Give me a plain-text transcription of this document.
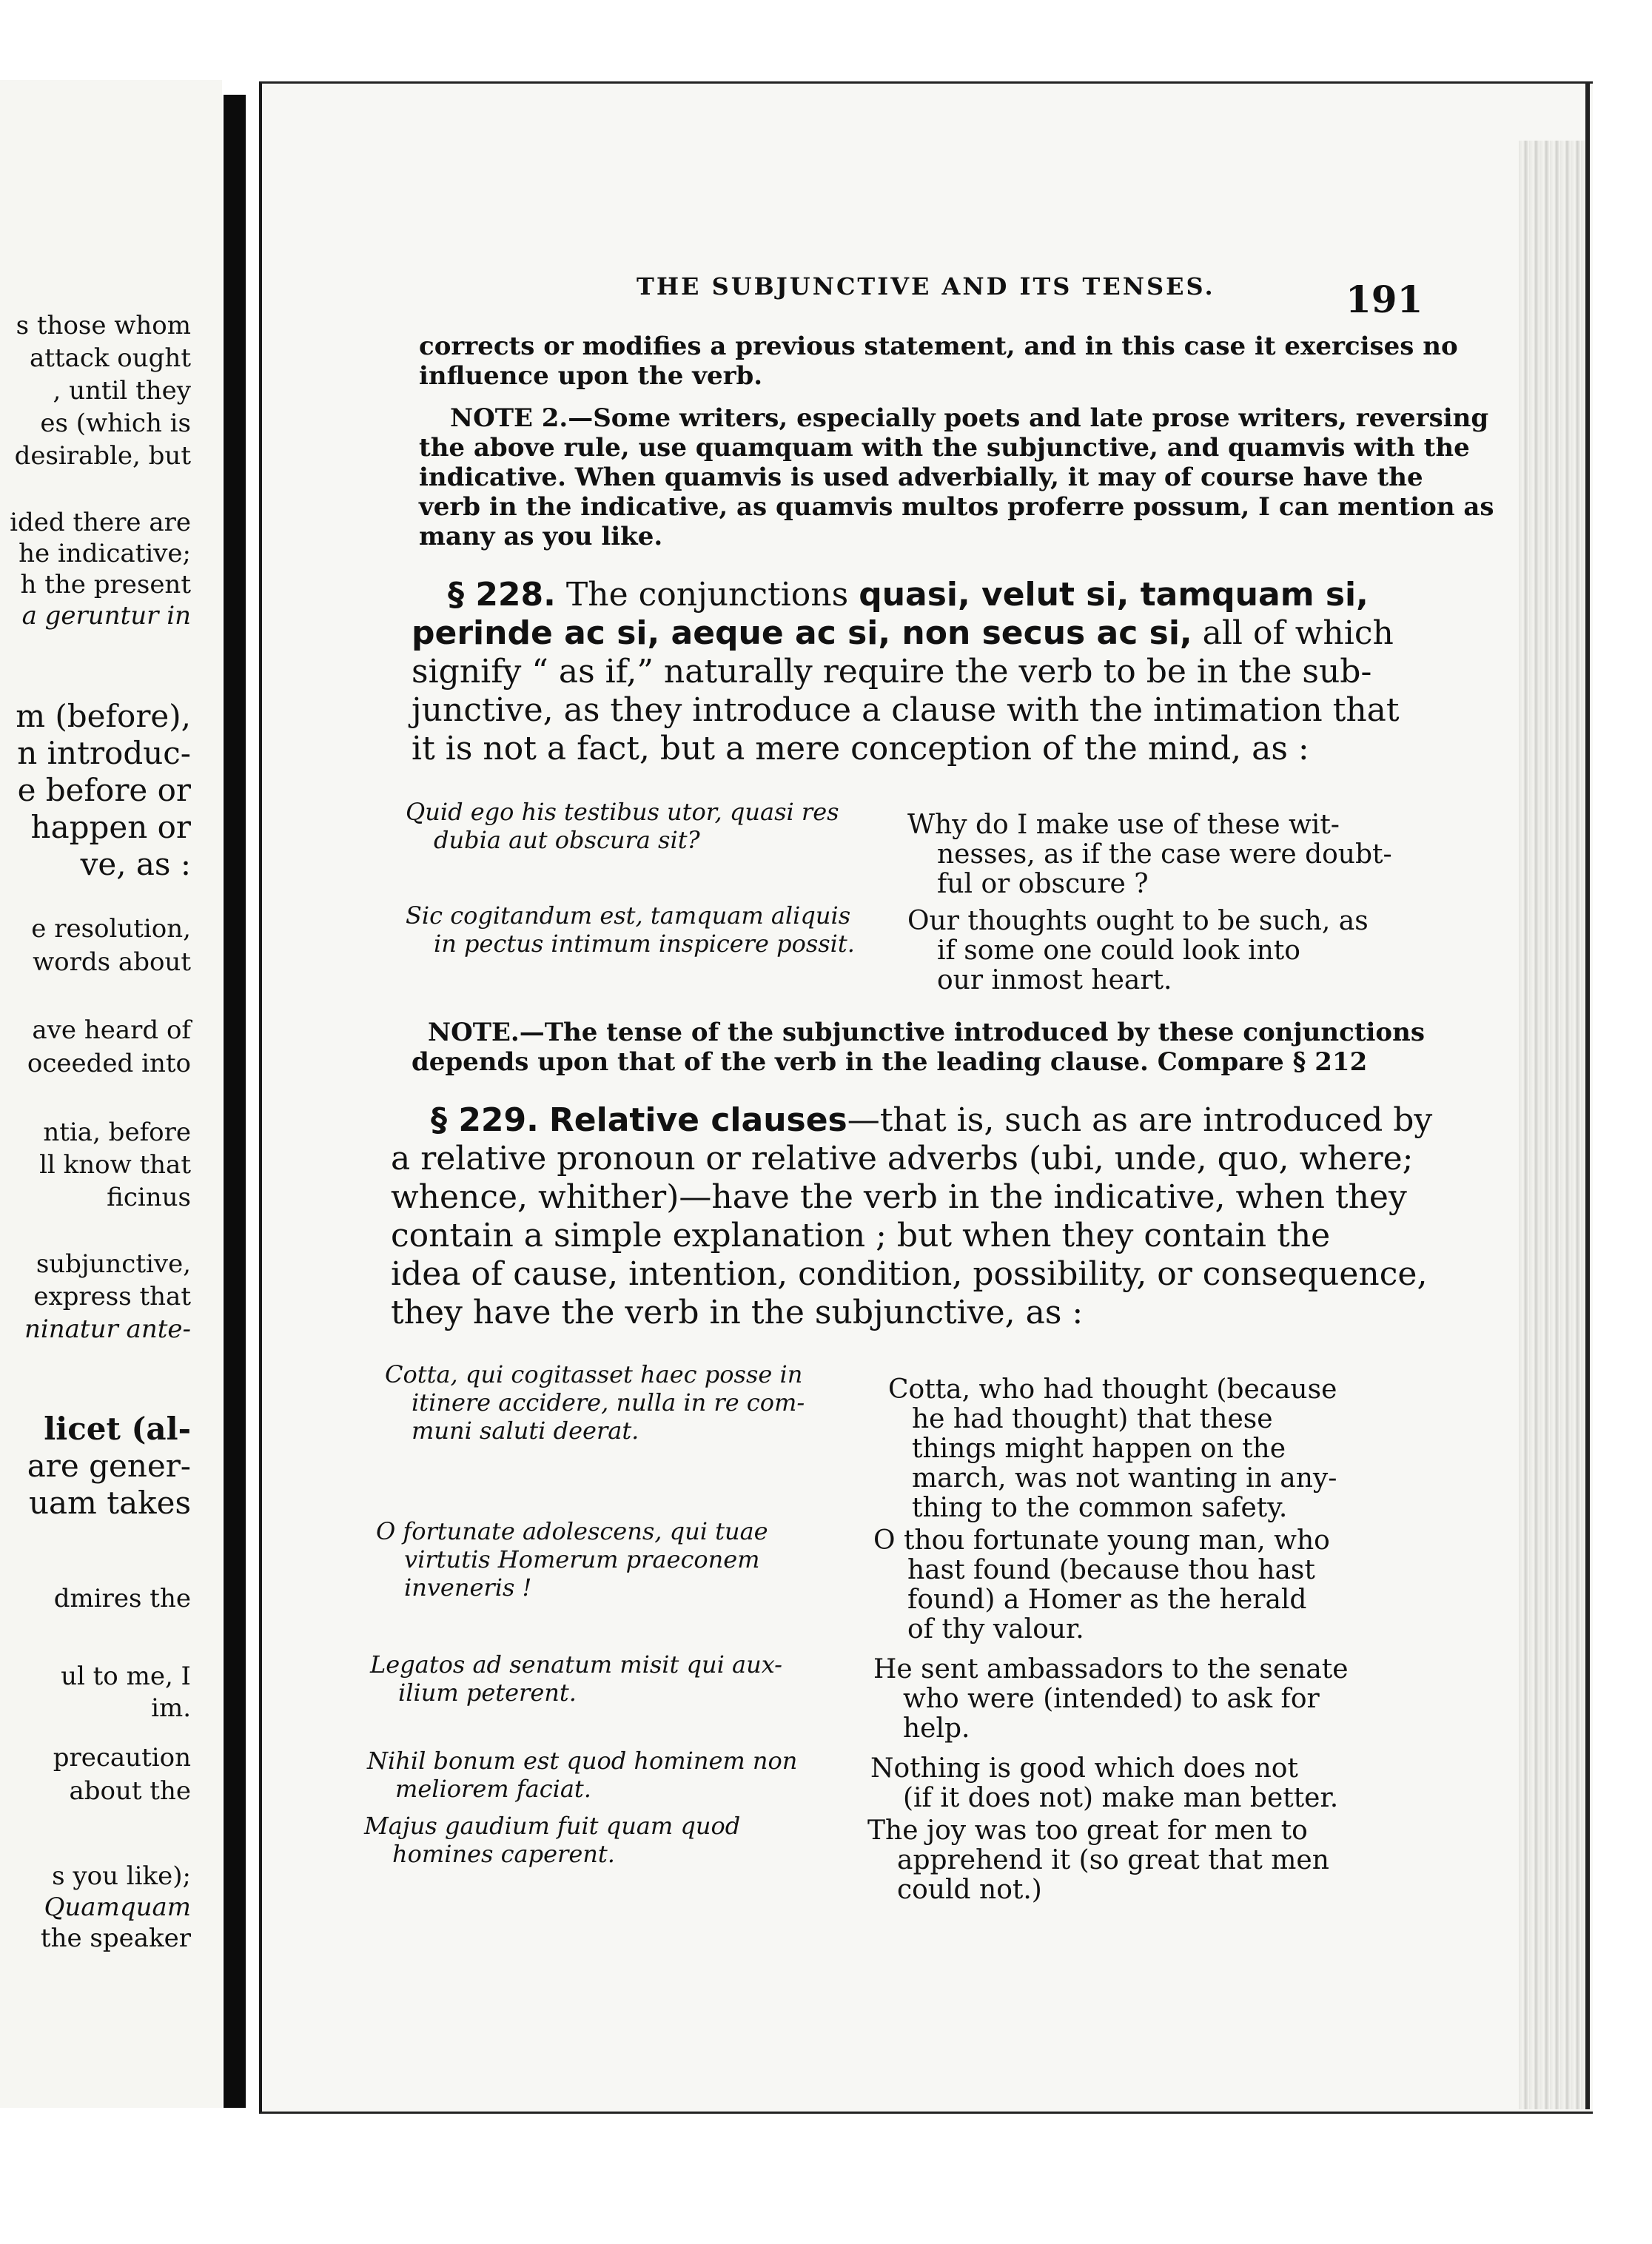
s those whom
attack ought
, until they
es (which is
desirable, but
ided there are
he indicative;
h the present
a geruntur in
m (before),
n introduc-
e before or
happen or
ve, as :
e resolution,
words about
ave heard of
oceeded into
ntia, before
ll know that
ficinus
subjunctive,
express that
ninatur ante-
licet (al-
are gener-
uam takes
dmires the
ul to me, I
im.
precaution
about the
s you like);
Quamquam
the speaker
THE SUBJUNCTIVE AND ITS TENSES.	191
corrects or modifies a previous statement, and in this case it exercises no
influence upon the verb.
NOTE 2.—Some writers, especially poets and late prose writers, reversing
the above rule, use quamquam with the subjunctive, and quamvis with the
indicative. When quamvis is used adverbially, it may of course have the
verb in the indicative, as quamvis multos proferre possum, I can mention as
many as you like.
§ 228. The conjunctions quasi, velut si, tamquam si,
perinde ac si, aeque ac si, non secus ac si, all of which
signify “ as if,” naturally require the verb to be in the sub-
junctive, as they introduce a clause with the intimation that
it is not a fact, but a mere conception of the mind, as :
Quid ego his testibus utor, quasi res
dubia aut obscura sit?	Why do I make use of these wit-
nesses, as if the case were doubt-
ful or obscure ?
Sic cogitandum est, tamquam aliquis
in pectus intimum inspicere possit.
Our thoughts ought to be such, as
if some one could look into
our inmost heart.
NOTE.—The tense of the subjunctive introduced by these conjunctions
depends upon that of the verb in the leading clause. Compare § 212
§ 229. Relative clauses—that is, such as are introduced by
a relative pronoun or relative adverbs (ubi, unde, quo, where;
whence, whither)—have the verb in the indicative, when they
contain a simple explanation ; but when they contain the
idea of cause, intention, condition, possibility, or consequence,
they have the verb in the subjunctive, as :
Cotta, qui cogitasset haec posse in
itinere accidere, nulla in re com-
muni saluti deerat.
Cotta, who had thought (because
he had thought) that these
things might happen on the
march, was not wanting in any-
thing to the common safety.
O fortunate adolescens, qui tuae
virtutis Homerum praeconem
inveneris !
O thou fortunate young man, who
hast found (because thou hast
found) a Homer as the herald
of thy valour.
Legatos ad senatum misit qui aux-
ilium peterent.
He sent ambassadors to the senate
who were (intended) to ask for
help.
Nihil bonum est quod hominem non
meliorem faciat.
Nothing is good which does not
(if it does not) make man better.
Majus gaudium fuit quam quod
homines caperent.
The joy was too great for men to
apprehend it (so great that men
could not.)
